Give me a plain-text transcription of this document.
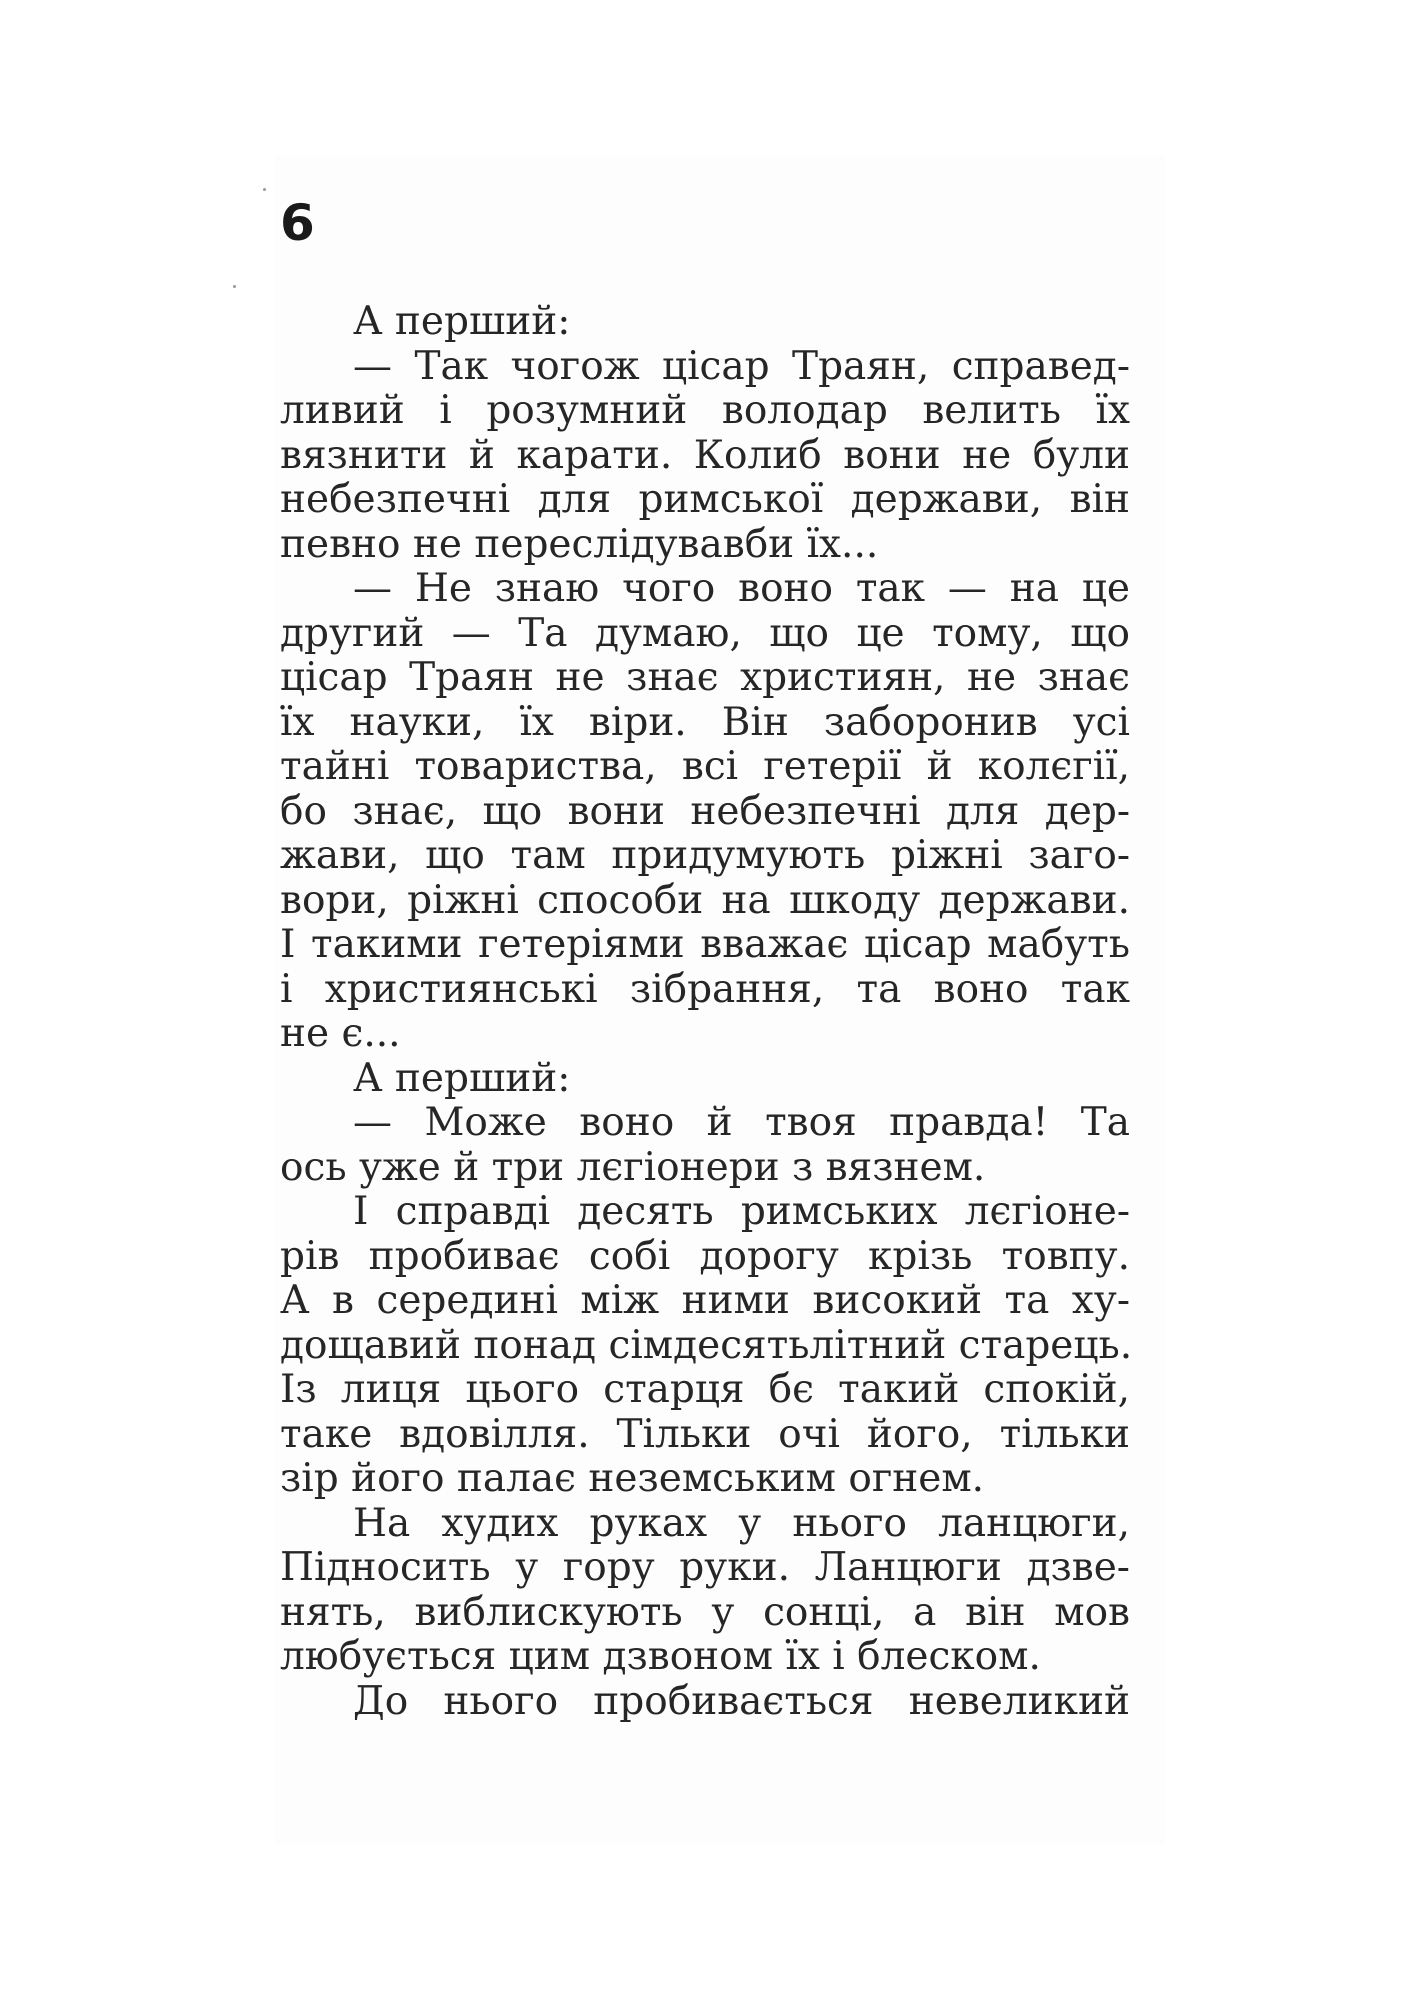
6
А перший:
— Так чогож цісар Траян, справед-
ливий і розумний володар велить їх
вязнити й карати. Колиб вони не були
небезпечні для римської держави, він
певно не переслідувавби їх...
— Не знаю чого воно так — на це
другий — Та думаю, що це тому, що
цісар Траян не знає християн, не знає
їх науки, їх віри. Він заборонив усі
тайні товариства, всі гетерії й колєгії,
бо знає, що вони небезпечні для дер-
жави, що там придумують ріжні заго-
вори, ріжні способи на шкоду держави.
І такими гетеріями вважає цісар мабуть
і християнські зібрання, та воно так
не є...
А перший:
— Може воно й твоя правда! Та
ось уже й три лєгіонери з вязнем.
І справді десять римських лєгіоне-
рів пробиває собі дорогу крізь товпу.
А в середині між ними високий та ху-
дощавий понад сімдесятьлітний старець.
Із лиця цього старця бє такий спокій,
таке вдовілля. Тільки очі його, тільки
зір його палає неземським огнем.
На худих руках у нього ланцюги,
Підносить у гору руки. Ланцюги дзве-
нять, виблискують у сонці, а він мов
любується цим дзвоном їх і блеском.
До нього пробивається невеликий
